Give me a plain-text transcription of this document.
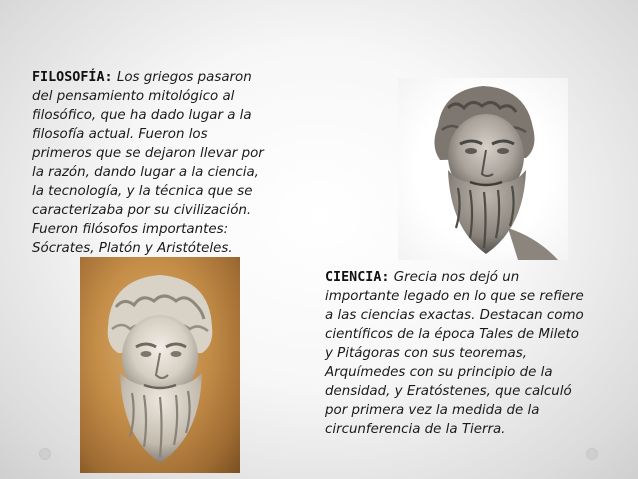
FILOSOFÍA: Los griegos pasaron
del pensamiento mitológico al
filosófico, que ha dado lugar a la
filosofía actual. Fueron los
primeros que se dejaron llevar por
la razón, dando lugar a la ciencia,
la tecnología, y la técnica que se
caracterizaba por su civilización.
Fueron filósofos importantes:
Sócrates, Platón y Aristóteles.

CIENCIA: Grecia nos dejó un
importante legado en lo que se refiere
a las ciencias exactas. Destacan como
científicos de la época Tales de Mileto
y Pitágoras con sus teoremas,
Arquímedes con su principio de la
densidad, y Eratóstenes, que calculó
por primera vez la medida de la
circunferencia de la Tierra.
